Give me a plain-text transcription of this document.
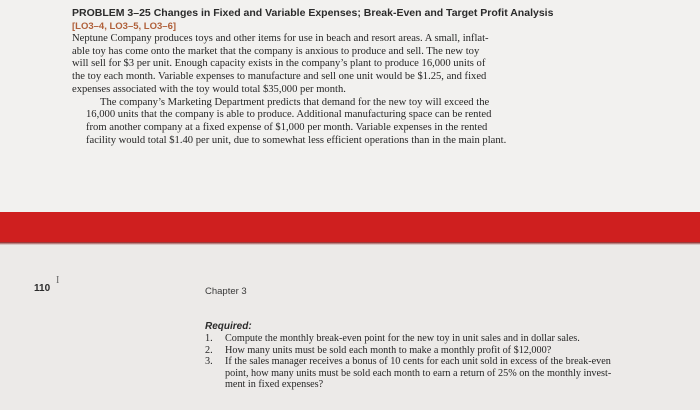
PROBLEM 3–25 Changes in Fixed and Variable Expenses; Break-Even and Target Profit Analysis
[LO3–4, LO3–5, LO3–6]

Neptune Company produces toys and other items for use in beach and resort areas. A small, inflat-
able toy has come onto the market that the company is anxious to produce and sell. The new toy
will sell for $3 per unit. Enough capacity exists in the company’s plant to produce 16,000 units of
the toy each month. Variable expenses to manufacture and sell one unit would be $1.25, and fixed
expenses associated with the toy would total $35,000 per month.

The company’s Marketing Department predicts that demand for the new toy will exceed the
16,000 units that the company is able to produce. Additional manufacturing space can be rented
from another company at a fixed expense of $1,000 per month. Variable expenses in the rented
facility would total $1.40 per unit, due to somewhat less efficient operations than in the main plant.

110
I
Chapter 3
Required:
1. Compute the monthly break-even point for the new toy in unit sales and in dollar sales.
2. How many units must be sold each month to make a monthly profit of $12,000?
3. If the sales manager receives a bonus of 10 cents for each unit sold in excess of the break-even
point, how many units must be sold each month to earn a return of 25% on the monthly invest-
ment in fixed expenses?
